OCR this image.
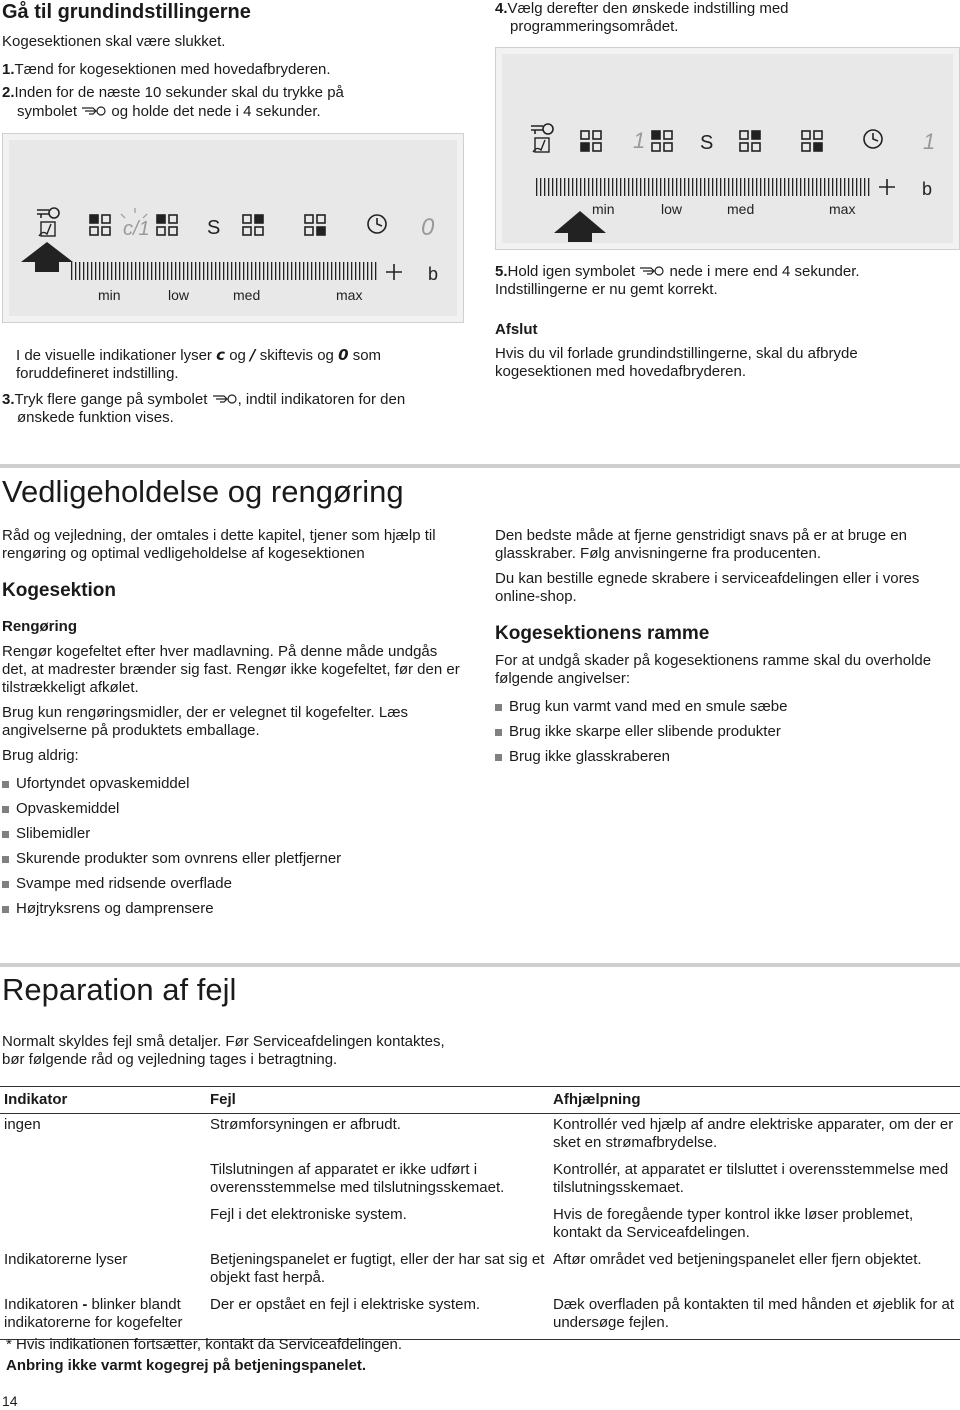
Gå til grundindstillingerne

Kogesektionen skal være slukket.

1.Tænd for kogesektionen med hovedafbryderen.
2.Inden for de næste 10 sekunder skal du trykke på
symbolet og holde det nede i 4 sekunder.
S
c/1	0
b
min	low	med	max
I de visuelle indikationer lyser c og / skiftevis og 0 som
foruddefineret indstilling.
3.Tryk flere gange på symbolet , indtil indikatoren for den
ønskede funktion vises.
4.Vælg derefter den ønskede indstilling med
programmeringsområdet.
1	S	1
b
min	low	med	max
5.Hold igen symbolet nede i mere end 4 sekunder.
Indstillingerne er nu gemt korrekt.
Afslut

Hvis du vil forlade grundindstillingerne, skal du afbryde kogesektionen med hovedafbryderen.

Vedligeholdelse og rengøring

Råd og vejledning, der omtales i dette kapitel, tjener som hjælp til rengøring og optimal vedligeholdelse af kogesektionen

Kogesektion
Rengøring

Rengør kogefeltet efter hver madlavning. På denne måde undgås det, at madrester brænder sig fast. Rengør ikke kogefeltet, før den er tilstrækkeligt afkølet.

Brug kun rengøringsmidler, der er velegnet til kogefelter. Læs angivelserne på produktets emballage.

Brug aldrig:

Ufortyndet opvaskemiddel
Opvaskemiddel
Slibemidler
Skurende produkter som ovnrens eller pletfjerner
Svampe med ridsende overflade
Højtryksrens og damprensere

Den bedste måde at fjerne genstridigt snavs på er at bruge en glasskraber. Følg anvisningerne fra producenten.

Du kan bestille egnede skrabere i serviceafdelingen eller i vores online-shop.

Kogesektionens ramme

For at undgå skader på kogesektionens ramme skal du overholde følgende angivelser:

Brug kun varmt vand med en smule sæbe
Brug ikke skarpe eller slibende produkter
Brug ikke glasskraberen
Reparation af fejl

Normalt skyldes fejl små detaljer. Før Serviceafdelingen kontaktes, bør følgende råd og vejledning tages i betragtning.

Indikator	Fejl	Afhjælpning
ingen	Strømforsyningen er afbrudt.	Kontrollér ved hjælp af andre elektriske apparater, om der er sket en strømafbrydelse.
	Tilslutningen af apparatet er ikke udført i overensstemmelse med tilslutningsskemaet.	Kontrollér, at apparatet er tilsluttet i overensstemmelse med tilslutningsskemaet.
	Fejl i det elektroniske system.	Hvis de foregående typer kontrol ikke løser problemet, kontakt da Serviceafdelingen.
Indikatorerne lyser	Betjeningspanelet er fugtigt, eller der har sat sig et objekt fast herpå.	Aftør området ved betjeningspanelet eller fjern objektet.
Indikatoren - blinker blandt indikatorerne for kogefelter	Der er opstået en fejl i elektriske system.	Dæk overfladen på kontakten til med hånden et øjeblik for at undersøge fejlen.

* Hvis indikationen fortsætter, kontakt da Serviceafdelingen.

Anbring ikke varmt kogegrej på betjeningspanelet.

14
